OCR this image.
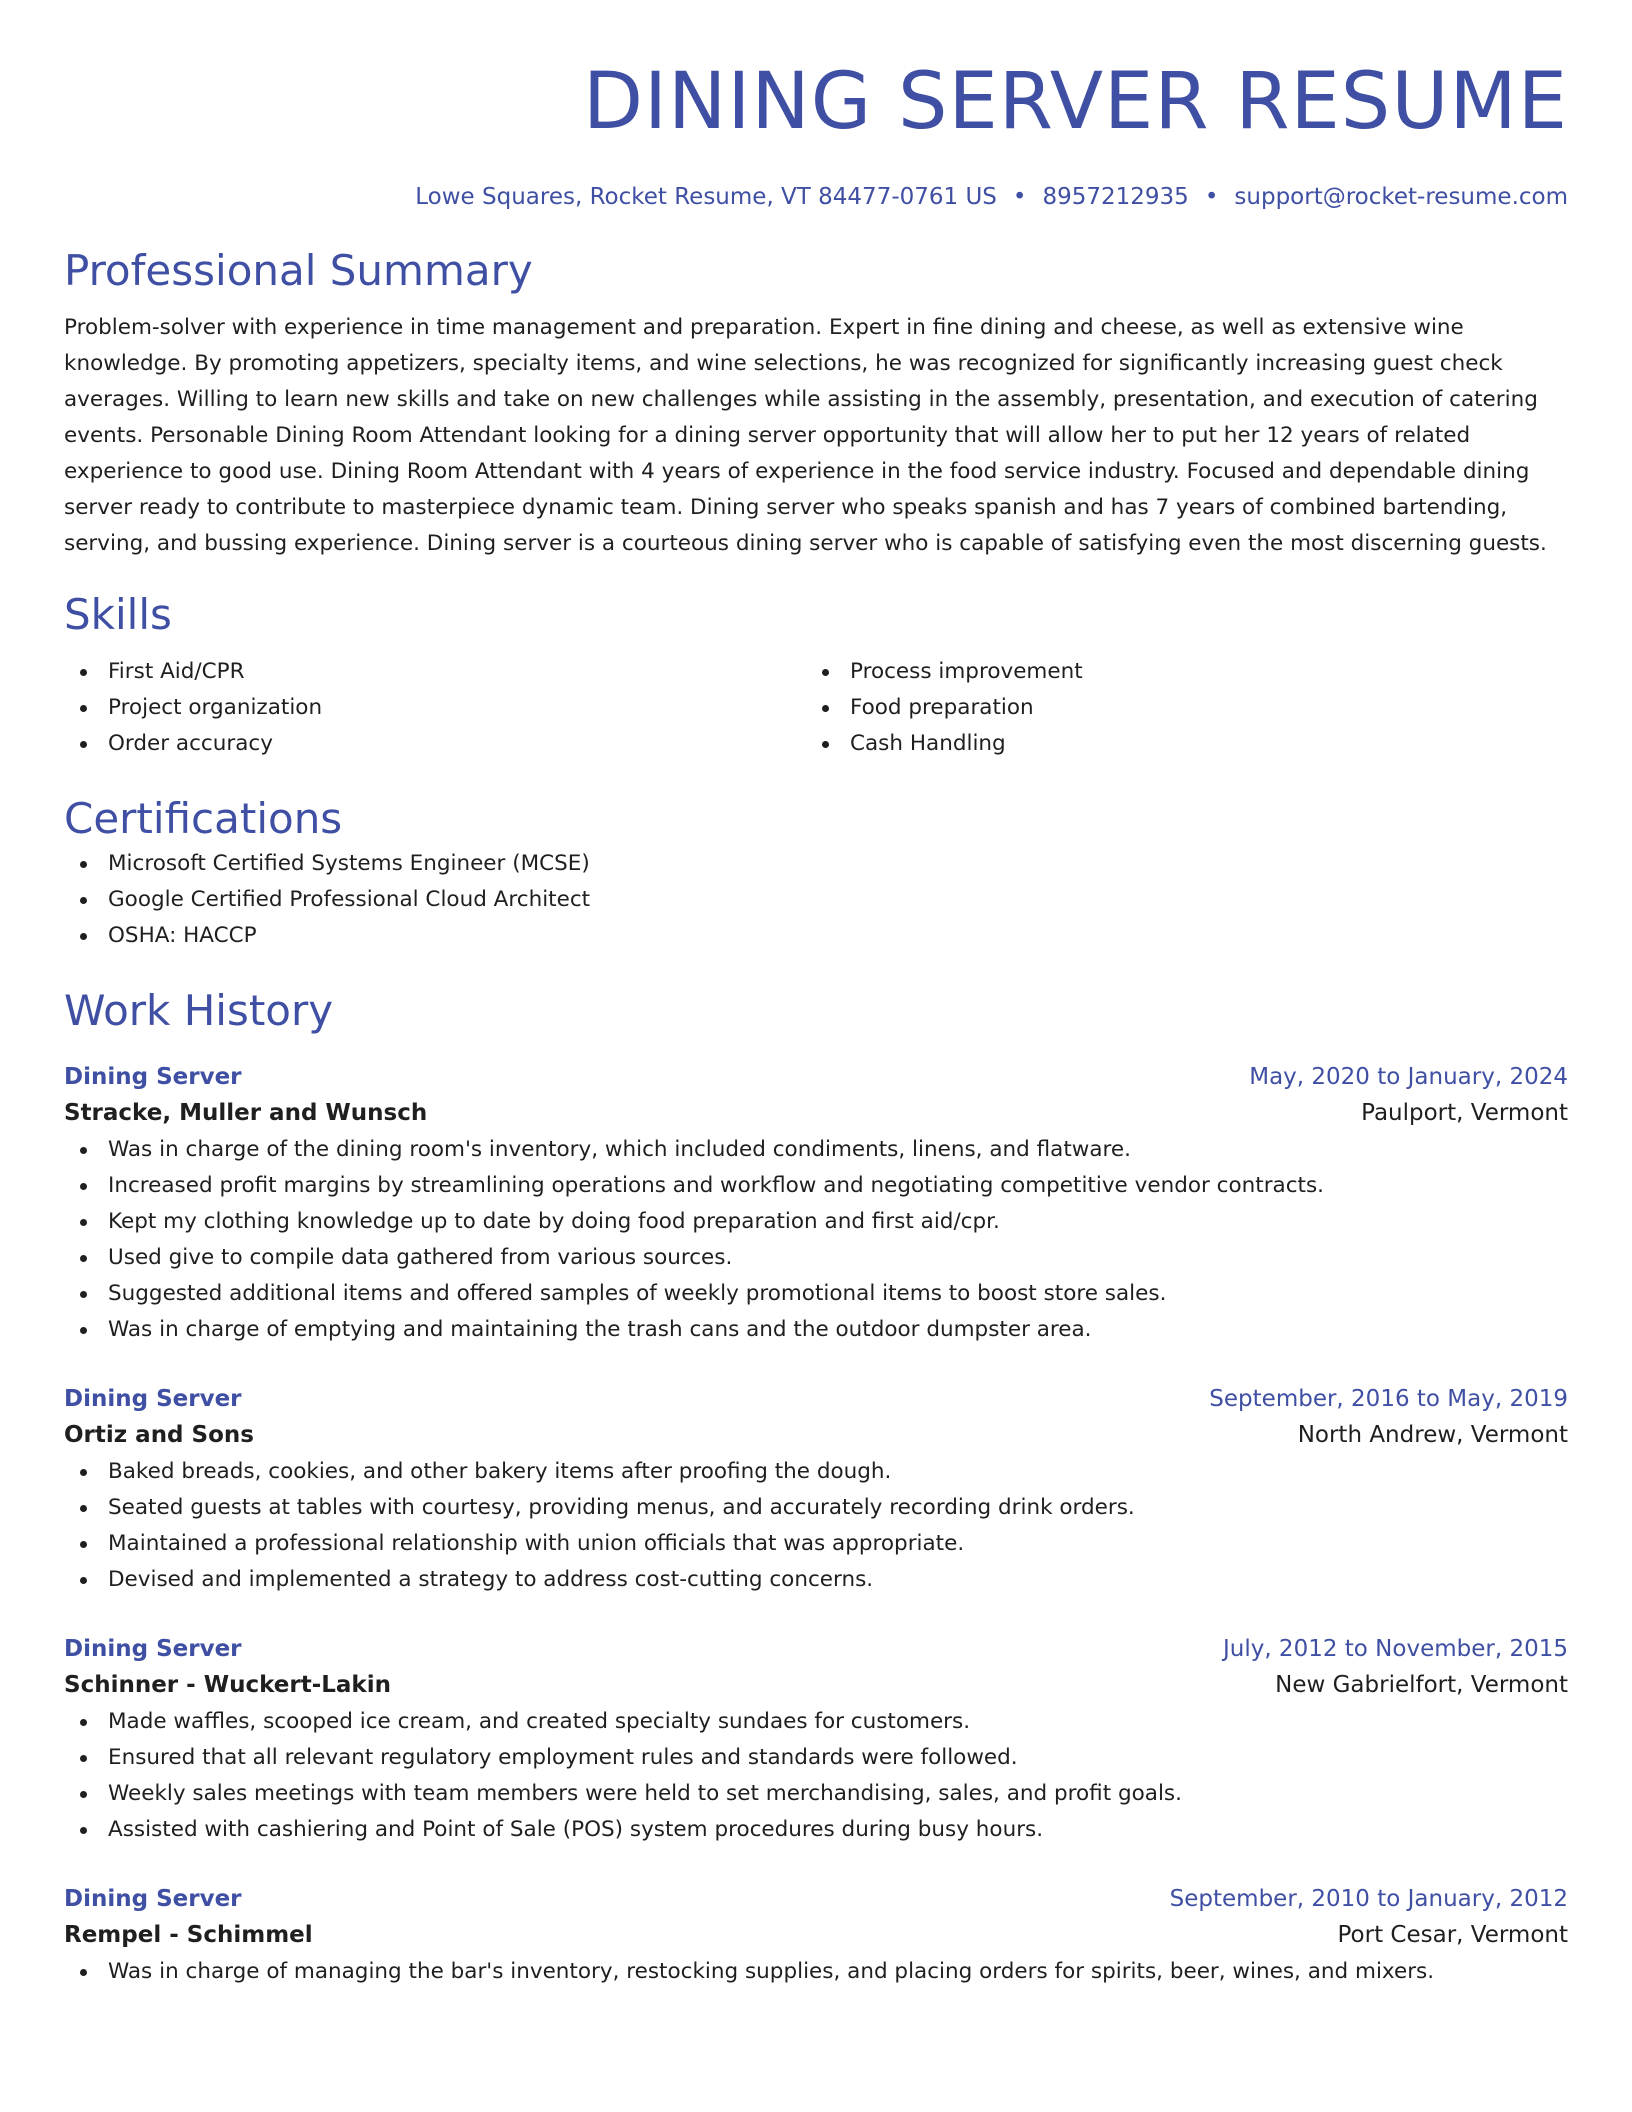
DINING SERVER RESUME
Lowe Squares, Rocket Resume, VT 84477-0761 US • 8957212935 • support@rocket-resume.com
Professional Summary

Problem-solver with experience in time management and preparation. Expert in fine dining and cheese, as well as extensive wine knowledge. By promoting appetizers, specialty items, and wine selections, he was recognized for significantly increasing guest check averages. Willing to learn new skills and take on new challenges while assisting in the assembly, presentation, and execution of catering events. Personable Dining Room Attendant looking for a dining server opportunity that will allow her to put her 12 years of related experience to good use. Dining Room Attendant with 4 years of experience in the food service industry. Focused and dependable dining server ready to contribute to masterpiece dynamic team. Dining server who speaks spanish and has 7 years of combined bartending, serving, and bussing experience. Dining server is a courteous dining server who is capable of satisfying even the most discerning guests.

Skills
First Aid/CPR
Project organization
Order accuracy
Process improvement
Food preparation
Cash Handling
Certifications
Microsoft Certified Systems Engineer (MCSE)
Google Certified Professional Cloud Architect
OSHA: HACCP
Work History
Dining Server	May, 2020 to January, 2024
Stracke, Muller and Wunsch	Paulport, Vermont
Was in charge of the dining room's inventory, which included condiments, linens, and flatware.
Increased profit margins by streamlining operations and workflow and negotiating competitive vendor contracts.
Kept my clothing knowledge up to date by doing food preparation and first aid/cpr.
Used give to compile data gathered from various sources.
Suggested additional items and offered samples of weekly promotional items to boost store sales.
Was in charge of emptying and maintaining the trash cans and the outdoor dumpster area.
Dining Server	September, 2016 to May, 2019
Ortiz and Sons	North Andrew, Vermont
Baked breads, cookies, and other bakery items after proofing the dough.
Seated guests at tables with courtesy, providing menus, and accurately recording drink orders.
Maintained a professional relationship with union officials that was appropriate.
Devised and implemented a strategy to address cost-cutting concerns.
Dining Server	July, 2012 to November, 2015
Schinner - Wuckert-Lakin	New Gabrielfort, Vermont
Made waffles, scooped ice cream, and created specialty sundaes for customers.
Ensured that all relevant regulatory employment rules and standards were followed.
Weekly sales meetings with team members were held to set merchandising, sales, and profit goals.
Assisted with cashiering and Point of Sale (POS) system procedures during busy hours.
Dining Server	September, 2010 to January, 2012
Rempel - Schimmel	Port Cesar, Vermont
Was in charge of managing the bar's inventory, restocking supplies, and placing orders for spirits, beer, wines, and mixers.
